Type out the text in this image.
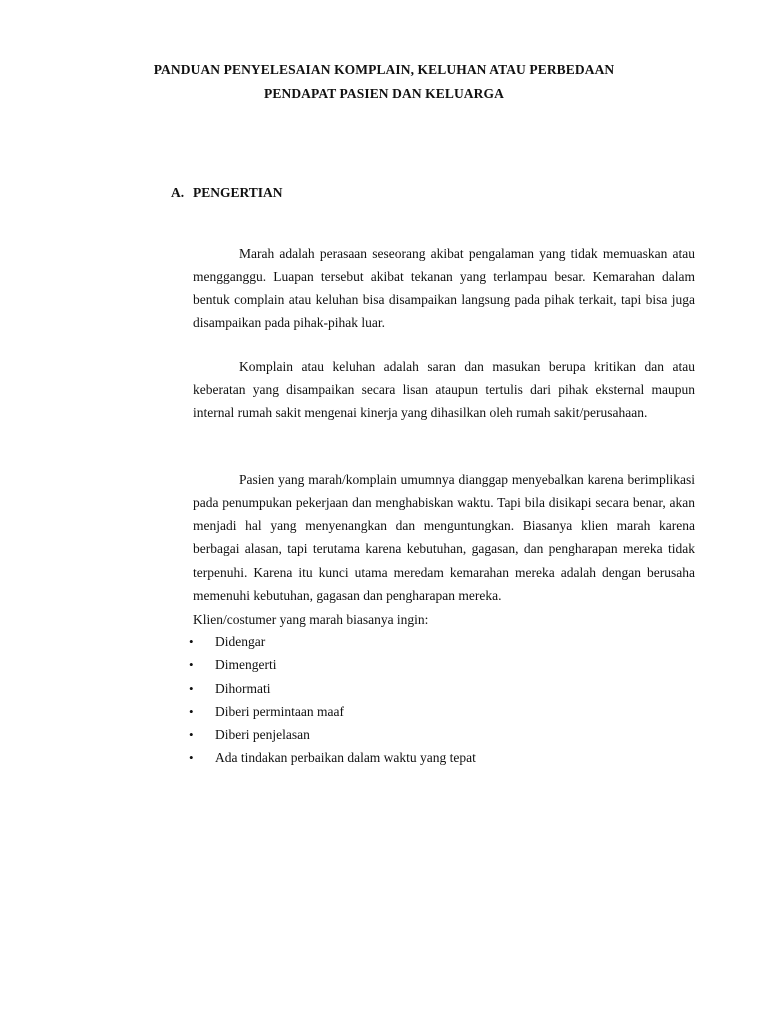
PANDUAN PENYELESAIAN KOMPLAIN, KELUHAN ATAU PERBEDAAN
PENDAPAT PASIEN DAN KELUARGA
A. PENGERTIAN

Marah adalah perasaan seseorang akibat pengalaman yang tidak memuaskan atau mengganggu. Luapan tersebut akibat tekanan yang terlampau besar. Kemarahan dalam bentuk complain atau keluhan bisa disampaikan langsung pada pihak terkait, tapi bisa juga disampaikan pada pihak-pihak luar.

Komplain atau keluhan adalah saran dan masukan berupa kritikan dan atau keberatan yang disampaikan secara lisan ataupun tertulis dari pihak eksternal maupun internal rumah sakit mengenai kinerja yang dihasilkan oleh rumah sakit/perusahaan.

Pasien yang marah/komplain umumnya dianggap menyebalkan karena berimplikasi pada penumpukan pekerjaan dan menghabiskan waktu. Tapi bila disikapi secara benar, akan menjadi hal yang menyenangkan dan menguntungkan. Biasanya klien marah karena berbagai alasan, tapi terutama karena kebutuhan, gagasan, dan pengharapan mereka tidak terpenuhi. Karena itu kunci utama meredam kemarahan mereka adalah dengan berusaha memenuhi kebutuhan, gagasan dan pengharapan mereka.

Klien/costumer yang marah biasanya ingin:
•	Didengar
•	Dimengerti
•	Dihormati
•	Diberi permintaan maaf
•	Diberi penjelasan
•	Ada tindakan perbaikan dalam waktu yang tepat
